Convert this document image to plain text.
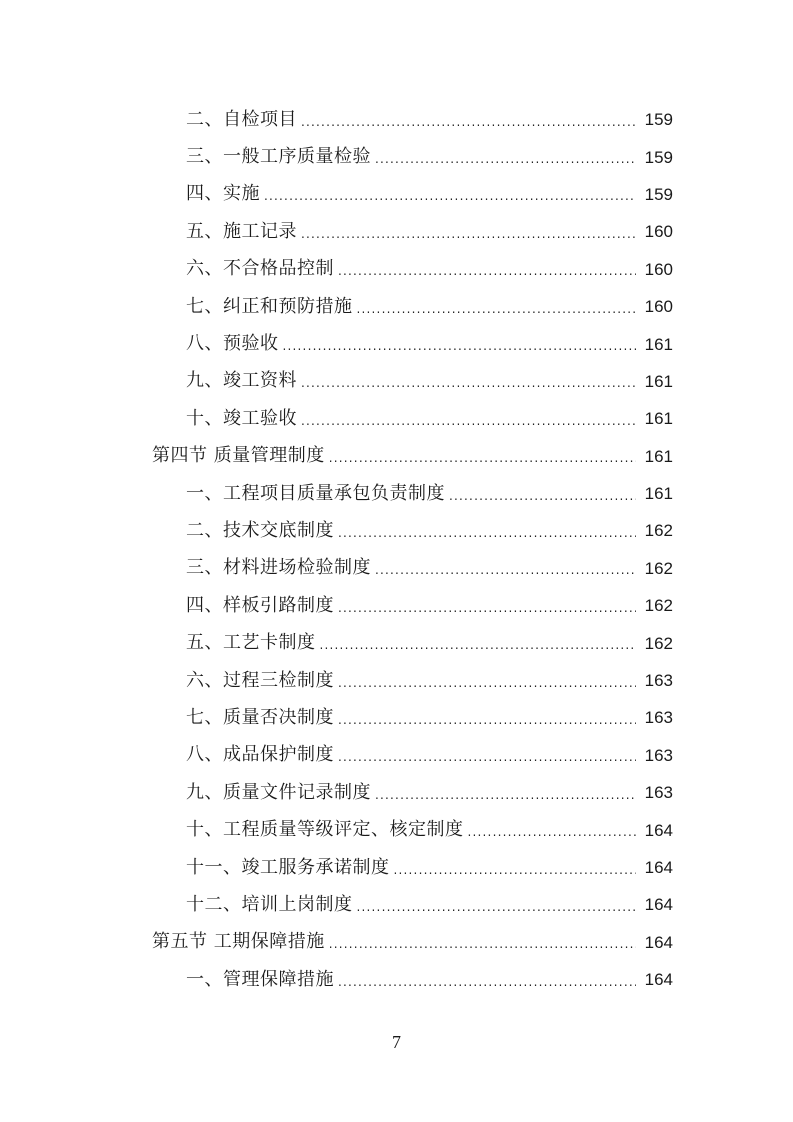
二、自检项目 .....	159
三、一般工序质量检验 .....	159
四、实施 .....	159
五、施工记录 .....	160
六、不合格品控制 .....	160
七、纠正和预防措施 .....	160
八、预验收 .....	161
九、竣工资料 .....	161
十、竣工验收 .....	161
第四节 质量管理制度 .....	161
一、工程项目质量承包负责制度 .....	161
二、技术交底制度 .....	162
三、材料进场检验制度 .....	162
四、样板引路制度 .....	162
五、工艺卡制度 .....	162
六、过程三检制度 .....	163
七、质量否决制度 .....	163
八、成品保护制度 .....	163
九、质量文件记录制度 .....	163
十、工程质量等级评定、核定制度 .....	164
十一、竣工服务承诺制度 .....	164
十二、培训上岗制度 .....	164
第五节 工期保障措施 .....	164
一、管理保障措施 .....	164
7
